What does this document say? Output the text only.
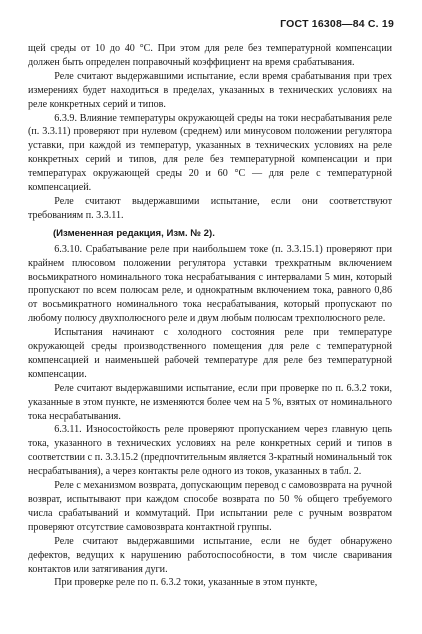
ГОСТ 16308—84 С. 19

щей среды от 10 до 40 °С. При этом для реле без температурной компенсации должен быть определен поправочный коэффициент на время срабатывания.

Реле считают выдержавшими испытание, если время срабатывания при трех измерениях будет находиться в пределах, указанных в технических условиях на реле конкретных серий и типов.

6.3.9. Влияние температуры окружающей среды на токи несрабатывания реле (п. 3.3.11) проверяют при нулевом (среднем) или минусовом положении регулятора уставки, при каждой из температур, указанных в технических условиях на реле конкретных серий и типов, для реле без температурной компенсации и при температурах окружающей среды 20 и 60 °С — для реле с температурной компенсацией.

Реле считают выдержавшими испытание, если они соответствуют требованиям п. 3.3.11.

(Измененная редакция, Изм. № 2).

6.3.10. Срабатывание реле при наибольшем токе (п. 3.3.15.1) проверяют при крайнем плюсовом положении регулятора уставки трехкратным включением восьмикратного номинального тока несрабатывания с интервалами 5 мин, который пропускают по всем полюсам реле, и однократным включением тока, равного 0,86 от восьмикратного номинального тока несрабатывания, который пропускают по любому полюсу двухполюсного реле и двум любым полюсам трехполюсного реле.

Испытания начинают с холодного состояния реле при температуре окружающей среды производственного помещения для реле с температурной компенсацией и наименьшей рабочей температуре для реле без температурной компенсации.

Реле считают выдержавшими испытание, если при проверке по п. 6.3.2 токи, указанные в этом пункте, не изменяются более чем на 5 %, взятых от номинального тока несрабатывания.

6.3.11. Износостойкость реле проверяют пропусканием через главную цепь тока, указанного в технических условиях на реле конкретных серий и типов в соответствии с п. 3.3.15.2 (предпочтительным является 3-кратный номинальный ток несрабатывания), а через контакты реле одного из токов, указанных в табл. 2.

Реле с механизмом возврата, допускающим перевод с самовозврата на ручной возврат, испытывают при каждом способе возврата по 50 % общего требуемого числа срабатываний и коммутаций. При испытании реле с ручным возвратом проверяют отсутствие самовозврата контактной группы.

Реле считают выдержавшими испытание, если не будет обнаружено дефектов, ведущих к нарушению работоспособности, в том числе сваривания контактов или затягивания дуги.

При проверке реле по п. 6.3.2 токи, указанные в этом пункте,
